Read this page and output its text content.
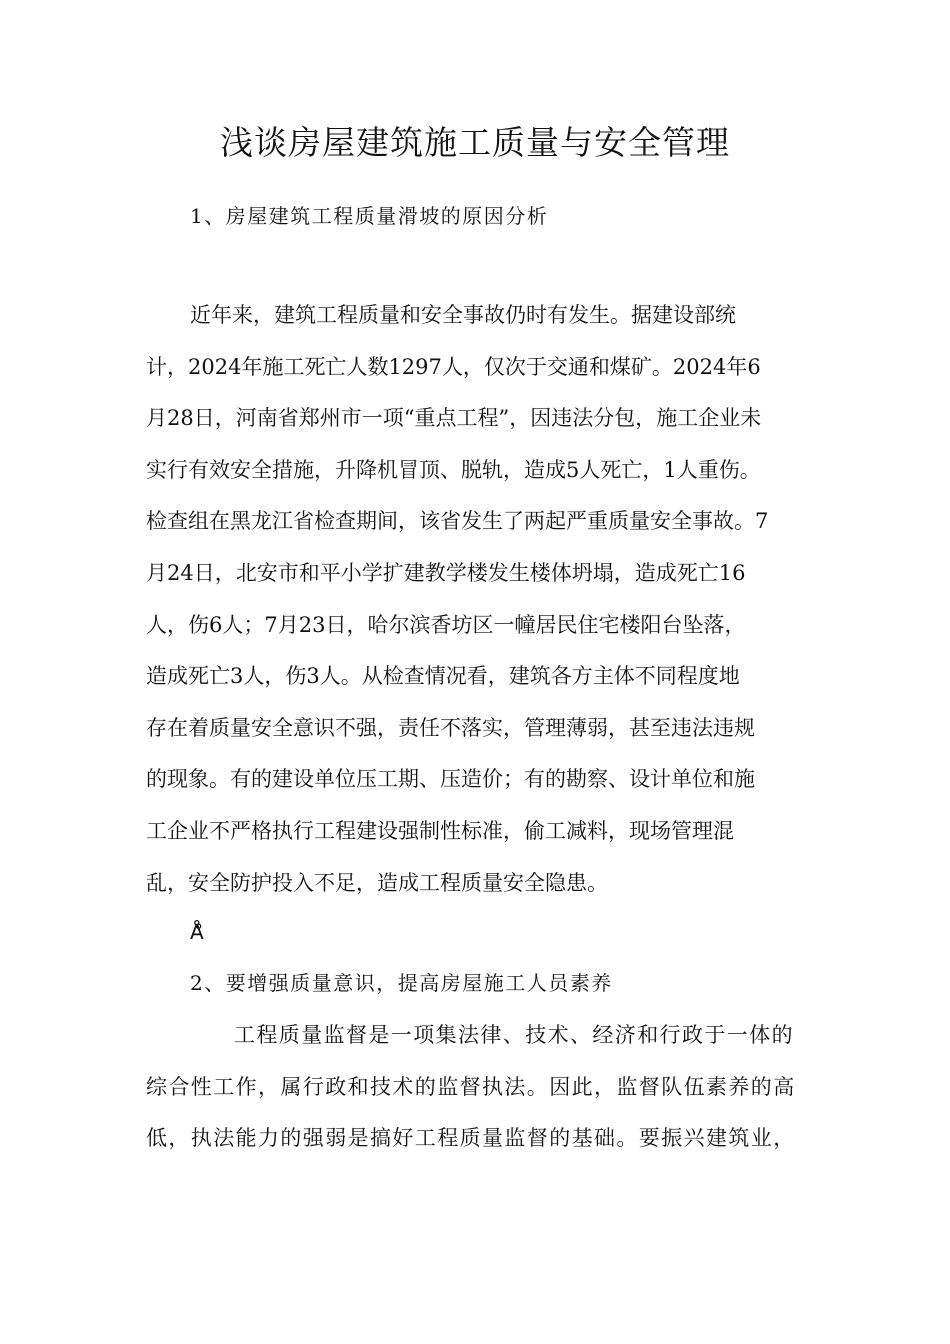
浅谈房屋建筑施工质量与安全管理
1、房屋建筑工程质量滑坡的原因分析
近年来，建筑工程质量和安全事故仍时有发生。据建设部统
计，2024年施工死亡人数1297人，仅次于交通和煤矿。2024年6
月28日，河南省郑州市一项“重点工程”，因违法分包，施工企业未
实行有效安全措施，升降机冒顶、脱轨，造成5人死亡，1人重伤。
检查组在黑龙江省检查期间，该省发生了两起严重质量安全事故。7
月24日，北安市和平小学扩建教学楼发生楼体坍塌，造成死亡16
人，伤6人；7月23日，哈尔滨香坊区一幢居民住宅楼阳台坠落，
造成死亡3人，伤3人。从检查情况看，建筑各方主体不同程度地
存在着质量安全意识不强，责任不落实，管理薄弱，甚至违法违规
的现象。有的建设单位压工期、压造价；有的勘察、设计单位和施
工企业不严格执行工程建设强制性标准，偷工减料，现场管理混
乱，安全防护投入不足，造成工程质量安全隐患。
Å̊
2、要增强质量意识，提高房屋施工人员素养
工程质量监督是一项集法律、技术、经济和行政于一体的
综合性工作，属行政和技术的监督执法。因此，监督队伍素养的高
低，执法能力的强弱是搞好工程质量监督的基础。要振兴建筑业，
